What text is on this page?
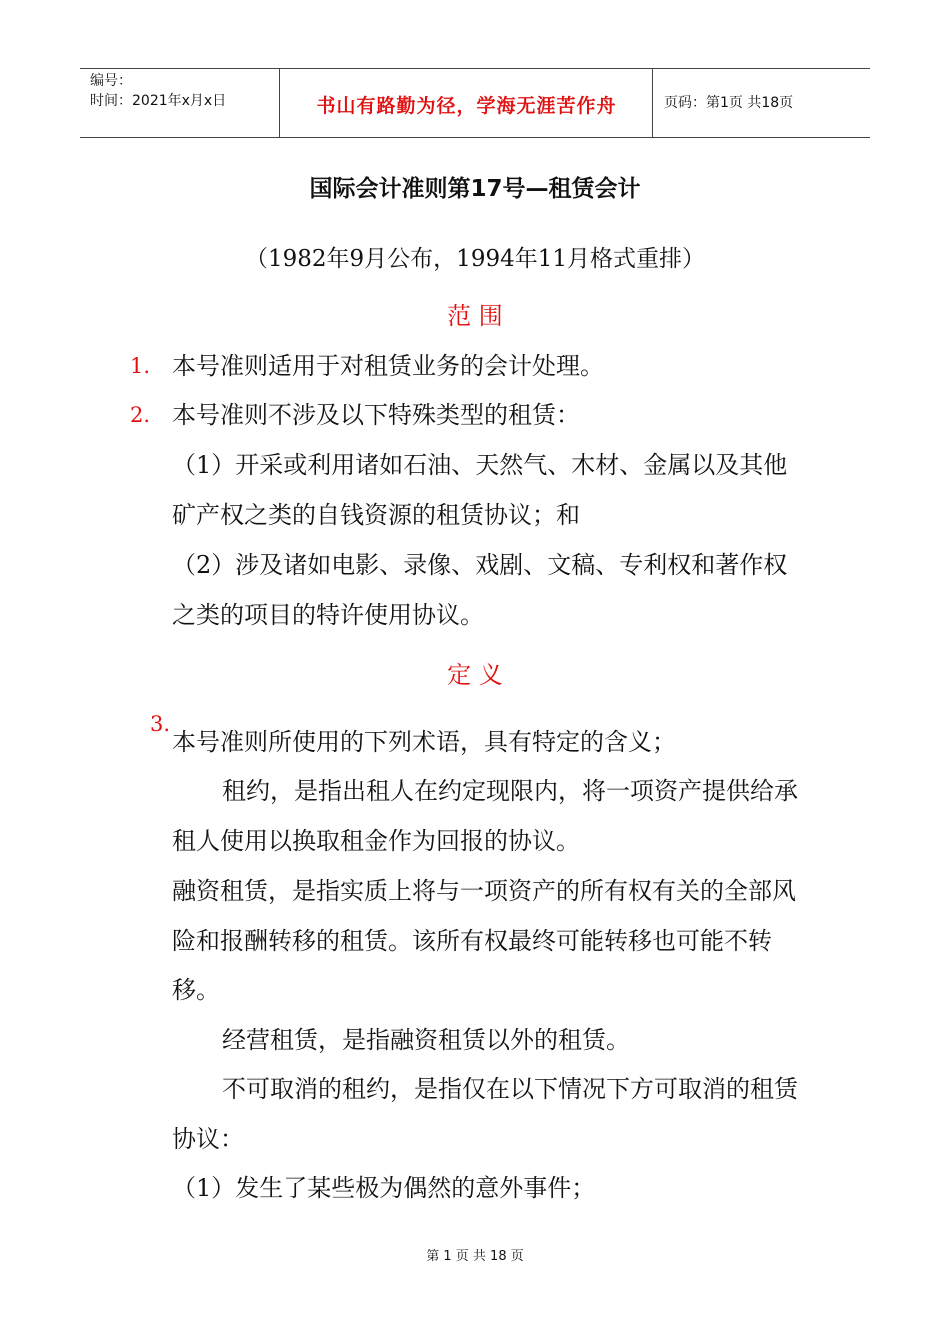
编号：
时间：2021年x月x日	书山有路勤为径，学海无涯苦作舟	页码：第1页 共18页
国际会计准则第17号—租赁会计
（1982年9月公布，1994年11月格式重排）
范 围
1. 本号准则适用于对租赁业务的会计处理。
2. 本号准则不涉及以下特殊类型的租赁：
（1）开采或利用诸如石油、天然气、木材、金属以及其他
矿产权之类的自钱资源的租赁协议；和
（2）涉及诸如电影、录像、戏剧、文稿、专利权和著作权
之类的项目的特许使用协议。
定 义
3.
本号准则所使用的下列术语，具有特定的含义；
租约，是指出租人在约定现限内，将一项资产提供给承
租人使用以换取租金作为回报的协议。
融资租赁，是指实质上将与一项资产的所有权有关的全部风
险和报酬转移的租赁。该所有权最终可能转移也可能不转
移。
经营租赁，是指融资租赁以外的租赁。
不可取消的租约，是指仅在以下情况下方可取消的租赁
协议：
（1）发生了某些极为偶然的意外事件；
第 1 页 共 18 页
